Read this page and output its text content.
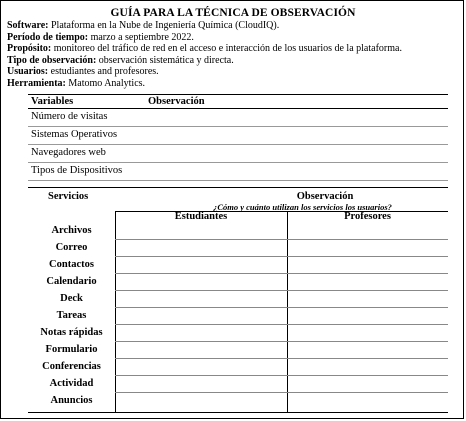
GUÍA PARA LA TÉCNICA DE OBSERVACIÓN
Software: Plataforma en la Nube de Ingeniería Química (CloudIQ).
Período de tiempo: marzo a septiembre 2022.
Propósito: monitoreo del tráfico de red en el acceso e interacción de los usuarios de la plataforma.
Tipo de observación: observación sistemática y directa.
Usuarios: estudiantes and profesores.
Herramienta: Matomo Analytics.
Variables	Observación
Número de visitas
Sistemas Operativos
Navegadores web
Tipos de Dispositivos
Servicios	Observación
¿Cómo y cuánto utilizan los servicios los usuarios?
Estudiantes	Profesores
Archivos
Correo
Contactos
Calendario
Deck
Tareas
Notas rápidas
Formulario
Conferencias
Actividad
Anuncios
